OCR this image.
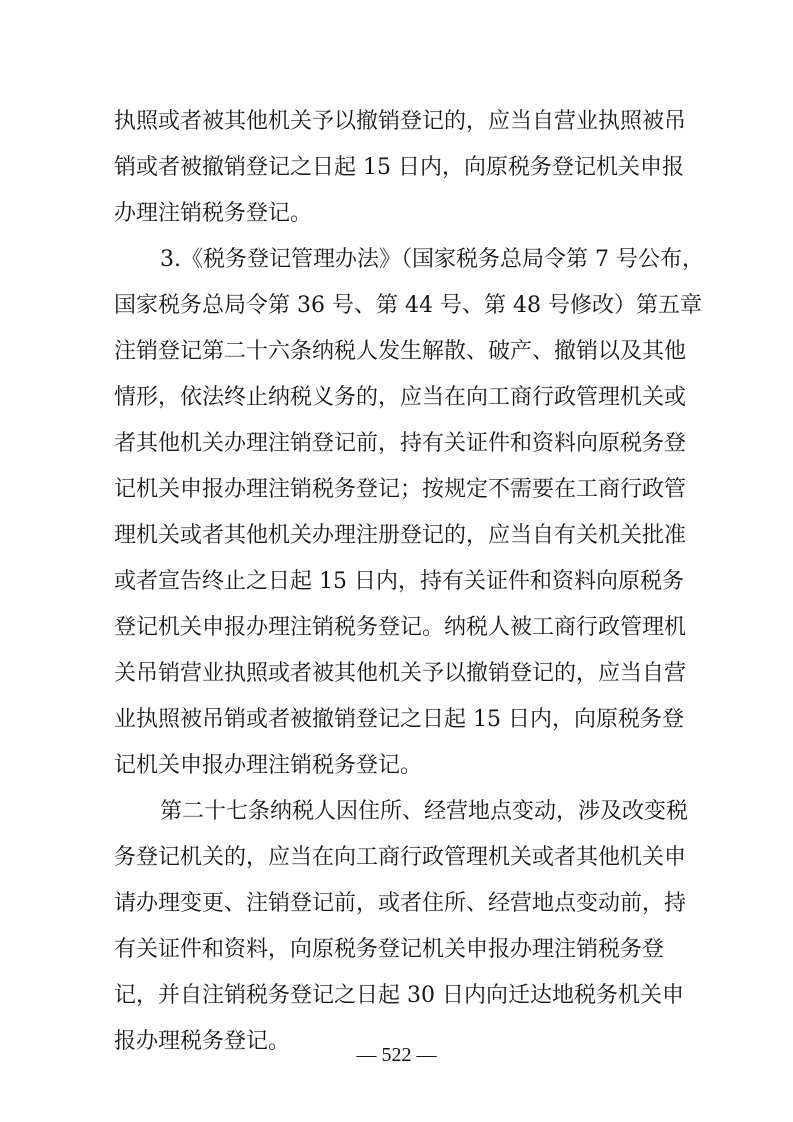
执照或者被其他机关予以撤销登记的，应当自营业执照被吊
销或者被撤销登记之日起 15 日内，向原税务登记机关申报
办理注销税务登记。
3.《税务登记管理办法》（国家税务总局令第 7 号公布，
国家税务总局令第 36 号、第 44 号、第 48 号修改）第五章
注销登记第二十六条纳税人发生解散、破产、撤销以及其他
情形，依法终止纳税义务的，应当在向工商行政管理机关或
者其他机关办理注销登记前，持有关证件和资料向原税务登
记机关申报办理注销税务登记；按规定不需要在工商行政管
理机关或者其他机关办理注册登记的，应当自有关机关批准
或者宣告终止之日起 15 日内，持有关证件和资料向原税务
登记机关申报办理注销税务登记。纳税人被工商行政管理机
关吊销营业执照或者被其他机关予以撤销登记的，应当自营
业执照被吊销或者被撤销登记之日起 15 日内，向原税务登
记机关申报办理注销税务登记。
第二十七条纳税人因住所、经营地点变动，涉及改变税
务登记机关的，应当在向工商行政管理机关或者其他机关申
请办理变更、注销登记前，或者住所、经营地点变动前，持
有关证件和资料，向原税务登记机关申报办理注销税务登
记，并自注销税务登记之日起 30 日内向迁达地税务机关申
报办理税务登记。
— 522 —
